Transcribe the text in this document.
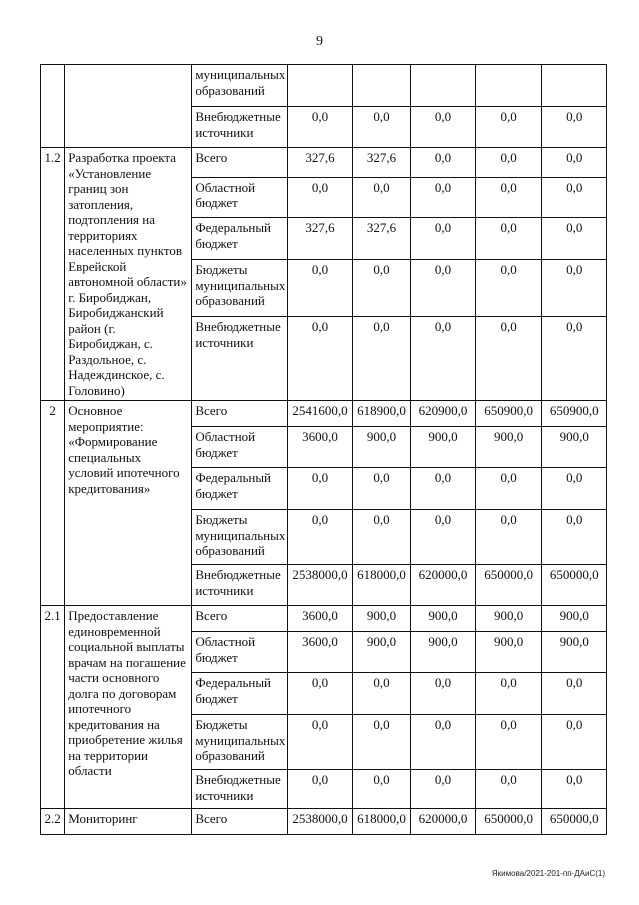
9
		муниципальных образований					
		Внебюджетные источники	0,0	0,0	0,0	0,0	0,0
1.2	Разработка проекта «Установление границ зон затопления, подтопления на территориях населенных пунктов Еврейской автономной области» г. Биробиджан, Биробиджанский район (г. Биробиджан, с. Раздольное, с. Надеждинское, с. Головино)	Всего	327,6	327,6	0,0	0,0	0,0
		Областной бюджет	0,0	0,0	0,0	0,0	0,0
		Федеральный бюджет	327,6	327,6	0,0	0,0	0,0
		Бюджеты муниципальных образований	0,0	0,0	0,0	0,0	0,0
		Внебюджетные источники	0,0	0,0	0,0	0,0	0,0
2	Основное мероприятие: «Формирование специальных условий ипотечного кредитования»	Всего	2541600,0	618900,0	620900,0	650900,0	650900,0
		Областной бюджет	3600,0	900,0	900,0	900,0	900,0
		Федеральный бюджет	0,0	0,0	0,0	0,0	0,0
		Бюджеты муниципальных образований	0,0	0,0	0,0	0,0	0,0
		Внебюджетные источники	2538000,0	618000,0	620000,0	650000,0	650000,0
2.1	Предоставление единовременной социальной выплаты врачам на погашение части основного долга по договорам ипотечного кредитования на приобретение жилья на территории области	Всего	3600,0	900,0	900,0	900,0	900,0
		Областной бюджет	3600,0	900,0	900,0	900,0	900,0
		Федеральный бюджет	0,0	0,0	0,0	0,0	0,0
		Бюджеты муниципальных образований	0,0	0,0	0,0	0,0	0,0
		Внебюджетные источники	0,0	0,0	0,0	0,0	0,0
2.2	Мониторинг	Всего	2538000,0	618000,0	620000,0	650000,0	650000,0
Якимова/2021-201-пп-ДАиС(1)
